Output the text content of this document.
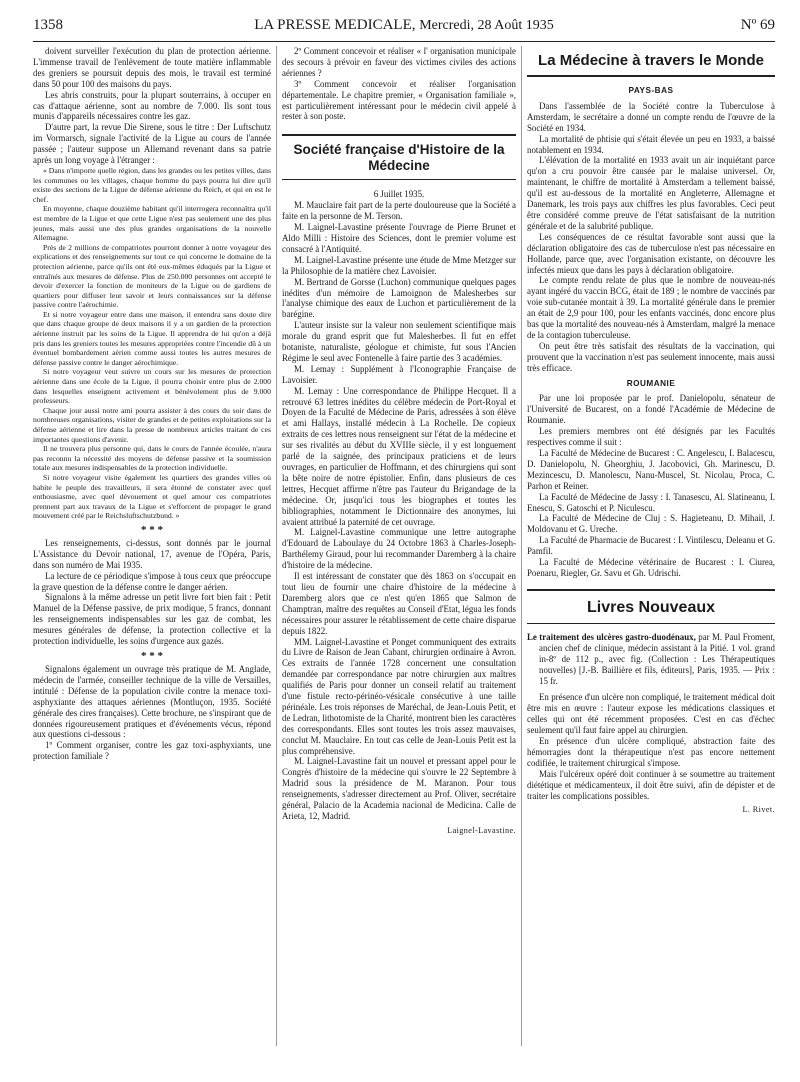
1358	LA PRESSE MEDICALE, Mercredi, 28 Août 1935	Nº 69

doivent surveiller l'exécution du plan de protection aérienne. L'immense travail de l'enlèvement de toute matière inflammable des greniers se poursuit depuis des mois, le travail est terminé dans 50 pour 100 des maisons du pays.

Les abris construits, pour la plupart souterrains, à occuper en cas d'attaque aérienne, sont au nombre de 7.000. Ils sont tous munis d'appareils nécessaires contre les gaz.

D'autre part, la revue Die Sirene, sous le titre : Der Luftschutz im Vormarsch, signale l'activité de la Ligue au cours de l'année passée ; l'auteur suppose un Allemand revenant dans sa patrie après un long voyage à l'étranger :

« Dans n'importe quelle région, dans les grandes ou les petites villes, dans les communes ou les villages, chaque homme du pays pourra lui dire qu'il existe des sections de la Ligue de défense aérienne du Reich, et qui en est le chef.

En moyenne, chaque douzième habitant qu'il interrogera reconnaîtra qu'il est membre de la Ligue et que cette Ligue n'est pas seulement une des plus jeunes, mais aussi une des plus grandes organisations de la nouvelle Allemagne.

Près de 2 millions de compatriotes pourront donner à notre voyageur des explications et des renseignements sur tout ce qui concerne le domaine de la protection aérienne, parce qu'ils ont été eux-mêmes éduqués par la Ligue et entraînés aux mesures de défense. Plus de 250.000 personnes ont accepté le devoir d'exercer la fonction de moniteurs de la Ligue ou de gardiens de quartiers pour diffuser leur savoir et leurs connaissances sur la défense passive contre l'aérochimie.

Et si notre voyageur entre dans une maison, il entendra sans doute dire que dans chaque groupe de deux maisons il y a un gardien de la protection aérienne instruit par les soins de la Ligue. Il apprendra de lui qu'on a déjà pris dans les greniers toutes les mesures appropriées contre l'incendie dû à un éventuel bombardement aérien comme aussi toutes les autres mesures de défense passive contre le danger aérochimique.

Si notre voyageur veut suivre un cours sur les mesures de protection aérienne dans une école de la Ligue, il pourra choisir entre plus de 2.000 dans lesquelles enseignent activement et bénévolement plus de 9.000 professeurs.

Chaque jour aussi notre ami pourra assister à des cours du soir dans de nombreuses organisations, visiter de grandes et de petites exploitations sur la défense aérienne et lire dans la presse de nombreux articles traitant de ces importantes questions d'avenir.

Il ne trouvera plus personne qui, dans le cours de l'année écoulée, n'aura pas reconnu la nécessité des moyens de défense passive et la soumission totale aux mesures indispensables de la protection individuelle.

Si notre voyageur visite également les quartiers des grandes villes où habite le peuple des travailleurs, il sera étonné de constater avec quel enthousiasme, avec quel dévouement et quel amour ces compatriotes prennent part aux travaux de la Ligue et s'efforcent de propager le grand mouvement créé par le Reichsluftschutzbund. »

* * *

Les renseignements, ci-dessus, sont donnés par le journal L'Assistance du Devoir national, 17, avenue de l'Opéra, Paris, dans son numéro de Mai 1935.

La lecture de ce périodique s'impose à tous ceux que préoccupe la grave question de la défense contre le danger aérien.

Signalons à la même adresse un petit livre fort bien fait : Petit Manuel de la Défense passive, de prix modique, 5 francs, donnant les renseignements indispensables sur les gaz de combat, les mesures générales de défense, la protection collective et la protection individuelle, les soins d'urgence aux gazés.

* * *

Signalons également un ouvrage très pratique de M. Anglade, médecin de l'armée, conseiller technique de la ville de Versailles, intitulé : Défense de la population civile contre la menace toxi-asphyxiante des attaques aériennes (Montluçon, 1935. Société générale des cires françaises). Cette brochure, ne s'inspirant que de données rigoureusement pratiques et d'événements vécus, répond aux questions ci-dessous :

1º Comment organiser, contre les gaz toxi-asphyxiants, une protection familiale ?

2º Comment concevoir et réaliser « l' organisation municipale des secours à prévoir en faveur des victimes civiles des actions aériennes ?

3º Comment concevoir et réaliser l'organisation départementale. Le chapitre premier, « Organisation familiale », est particulièrement intéressant pour le médecin civil appelé à rester à son poste.

Société française d'Histoire de la Médecine

6 Juillet 1935.

M. Mauclaire fait part de la perte douloureuse que la Société a faite en la personne de M. Terson.

M. Laignel-Lavastine présente l'ouvrage de Pierre Brunet et Aldo Milli : Histoire des Sciences, dont le premier volume est consacré à l'Antiquité.

M. Laignel-Lavastine présente une étude de Mme Metzger sur la Philosophie de la matière chez Lavoisier.

M. Bertrand de Gorsse (Luchon) communique quelques pages inédites d'un mémoire de Lamoignon de Malesherbes sur l'analyse chimique des eaux de Luchon et particulièrement de la barégine.

L'auteur insiste sur la valeur non seulement scientifique mais morale du grand esprit que fut Malesherbes. Il fut en effet botaniste, naturaliste, géologue et chimiste, fut sous l'Ancien Régime le seul avec Fontenelle à faire partie des 3 académies.

M. Lemay : Supplément à l'Iconographie Française de Lavoisier.

M. Lemay : Une correspondance de Philippe Hecquet. Il a retrouvé 63 lettres inédites du célèbre médecin de Port-Royal et Doyen de la Faculté de Médecine de Paris, adressées à son élève et ami Hallays, installé médecin à La Rochelle. De copieux extraits de ces lettres nous renseignent sur l'état de la médecine et sur ses rivalités au début du XVIIIe siècle, il y est longuement parlé de la saignée, des principaux praticiens et de leurs ouvrages, en particulier de Hoffmann, et des chirurgiens qui sont la bête noire de notre épistolier. Enfin, dans plusieurs de ces lettres, Hecquet affirme n'être pas l'auteur du Brigandage de la médecine. Or, jusqu'ici tous les biographes et toutes les bibliographies, notamment le Dictionnaire des anonymes, lui avaient attribué la paternité de cet ouvrage.

M. Laignel-Lavastine communique une lettre autographe d'Edouard de Laboulaye du 24 Octobre 1863 à Charles-Joseph-Barthélemy Giraud, pour lui recommander Daremberg à la chaire d'histoire de la médecine.

Il est intéressant de constater que dès 1863 on s'occupait en tout lieu de fournir une chaire d'histoire de la médecine à Daremberg alors que ce n'est qu'en 1865 que Salmon de Champtran, maître des requêtes au Conseil d'Etat, légua les fonds nécessaires pour assurer le rétablissement de cette chaire disparue depuis 1822.

MM. Laignel-Lavastine et Ponget communiquent des extraits du Livre de Raison de Jean Cabant, chirurgien ordinaire à Avron. Ces extraits de l'année 1728 concernent une consultation demandée par correspondance par notre chirurgien aux maîtres qualifiés de Paris pour donner un conseil relatif au traitement d'une fistule recto-périnéo-vésicale consécutive à une taille périnéale. Les trois réponses de Maréchal, de Jean-Louis Petit, et de Ledran, lithotomiste de la Charité, montrent bien les caractères des correspondants. Elles sont toutes les trois assez mauvaises, conclut M. Mauclaire. En tout cas celle de Jean-Louis Petit est la plus compréhensive.

M. Laignel-Lavastine fait un nouvel et pressant appel pour le Congrès d'histoire de la médecine qui s'ouvre le 22 Septembre à Madrid sous la présidence de M. Maranon. Pour tous renseignements, s'adresser directement au Prof. Oliver, secrétaire général, Palacio de la Academia nacional de Medicina. Calle de Arieta, 12, Madrid.

Laignel-Lavastine.

La Médecine à travers le Monde
PAYS-BAS

Dans l'assemblée de la Société contre la Tuberculose à Amsterdam, le secrétaire a donné un compte rendu de l'œuvre de la Société en 1934.

La mortalité de phtisie qui s'était élevée un peu en 1933, a baissé notablement en 1934.

L'élévation de la mortalité en 1933 avait un air inquiétant parce qu'on a cru pouvoir être causée par le malaise universel. Or, maintenant, le chiffre de mortalité à Amsterdam a tellement baissé, qu'il est au-dessous de la mortalité en Angleterre, Allemagne et Danemark, les trois pays aux chiffres les plus favorables. Ceci peut être considéré comme preuve de l'état satisfaisant de la nutrition générale et de la salubrité publique.

Les conséquences de ce résultat favorable sont aussi que la déclaration obligatoire des cas de tuberculose n'est pas nécessaire en Hollande, parce que, avec l'organisation existante, on découvre les infectés mieux que dans les pays à déclaration obligatoire.

Le compte rendu relate de plus que le nombre de nouveau-nés ayant ingéré du vaccin BCG, était de 189 ; le nombre de vaccinés par voie sub-cutanée montait à 39. La mortalité générale dans le premier an était de 2,9 pour 100, pour les enfants vaccinés, donc encore plus bas que la mortalité des nouveau-nés à Amsterdam, malgré la menace de la contagion tuberculeuse.

On peut être très satisfait des résultats de la vaccination, qui prouvent que la vaccination n'est pas seulement innocente, mais aussi très efficace.

ROUMANIE

Par une loi proposée par le prof. Danielopolu, sénateur de l'Université de Bucarest, on a fondé l'Académie de Médecine de Roumanie.

Les premiers membres ont été désignés par les Facultés respectives comme il suit :

La Faculté de Médecine de Bucarest : C. Angelescu, I. Balacescu, D. Danielopolu, N. Gheorghiu, J. Jacobovici, Gh. Marinescu, D. Mezincescu, D. Manolescu, Nanu-Muscel, St. Nicolau, Proca, C. Parhon et Reiner.

La Faculté de Médecine de Jassy : I. Tanasescu, Al. Slatineanu, I. Enescu, S. Gatoschi et P. Niculescu.

La Faculté de Médecine de Cluj : S. Hagieteanu, D. Mihail, J. Moldovanu et G. Ureche.

La Faculté de Pharmacie de Bucarest : I. Vintilescu, Deleanu et G. Pamfil.

La Faculté de Médecine vétérinaire de Bucarest : I. Ciurea, Poenaru, Riegler, Gr. Savu et Gh. Udrischi.

Livres Nouveaux

Le traitement des ulcères gastro-duodénaux, par M. Paul Froment, ancien chef de clinique, médecin assistant à la Pitié. 1 vol. grand in-8º de 112 p., avec fig. (Collection : Les Thérapeutiques nouvelles) [J.-B. Baillière et fils, éditeurs], Paris, 1935. — Prix : 15 fr.

En présence d'un ulcère non compliqué, le traitement médical doit être mis en œuvre : l'auteur expose les médications classiques et celles qui ont été récemment proposées. C'est en cas d'échec seulement qu'il faut faire appel au chirurgien.

En présence d'un ulcère compliqué, abstraction faite des hémorragies dont la thérapeutique n'est pas encore nettement codifiée, le traitement chirurgical s'impose.

Mais l'ulcéreux opéré doit continuer à se soumettre au traitement diététique et médicamenteux, il doit être suivi, afin de dépister et de traiter les complications possibles.

L. Rivet.
